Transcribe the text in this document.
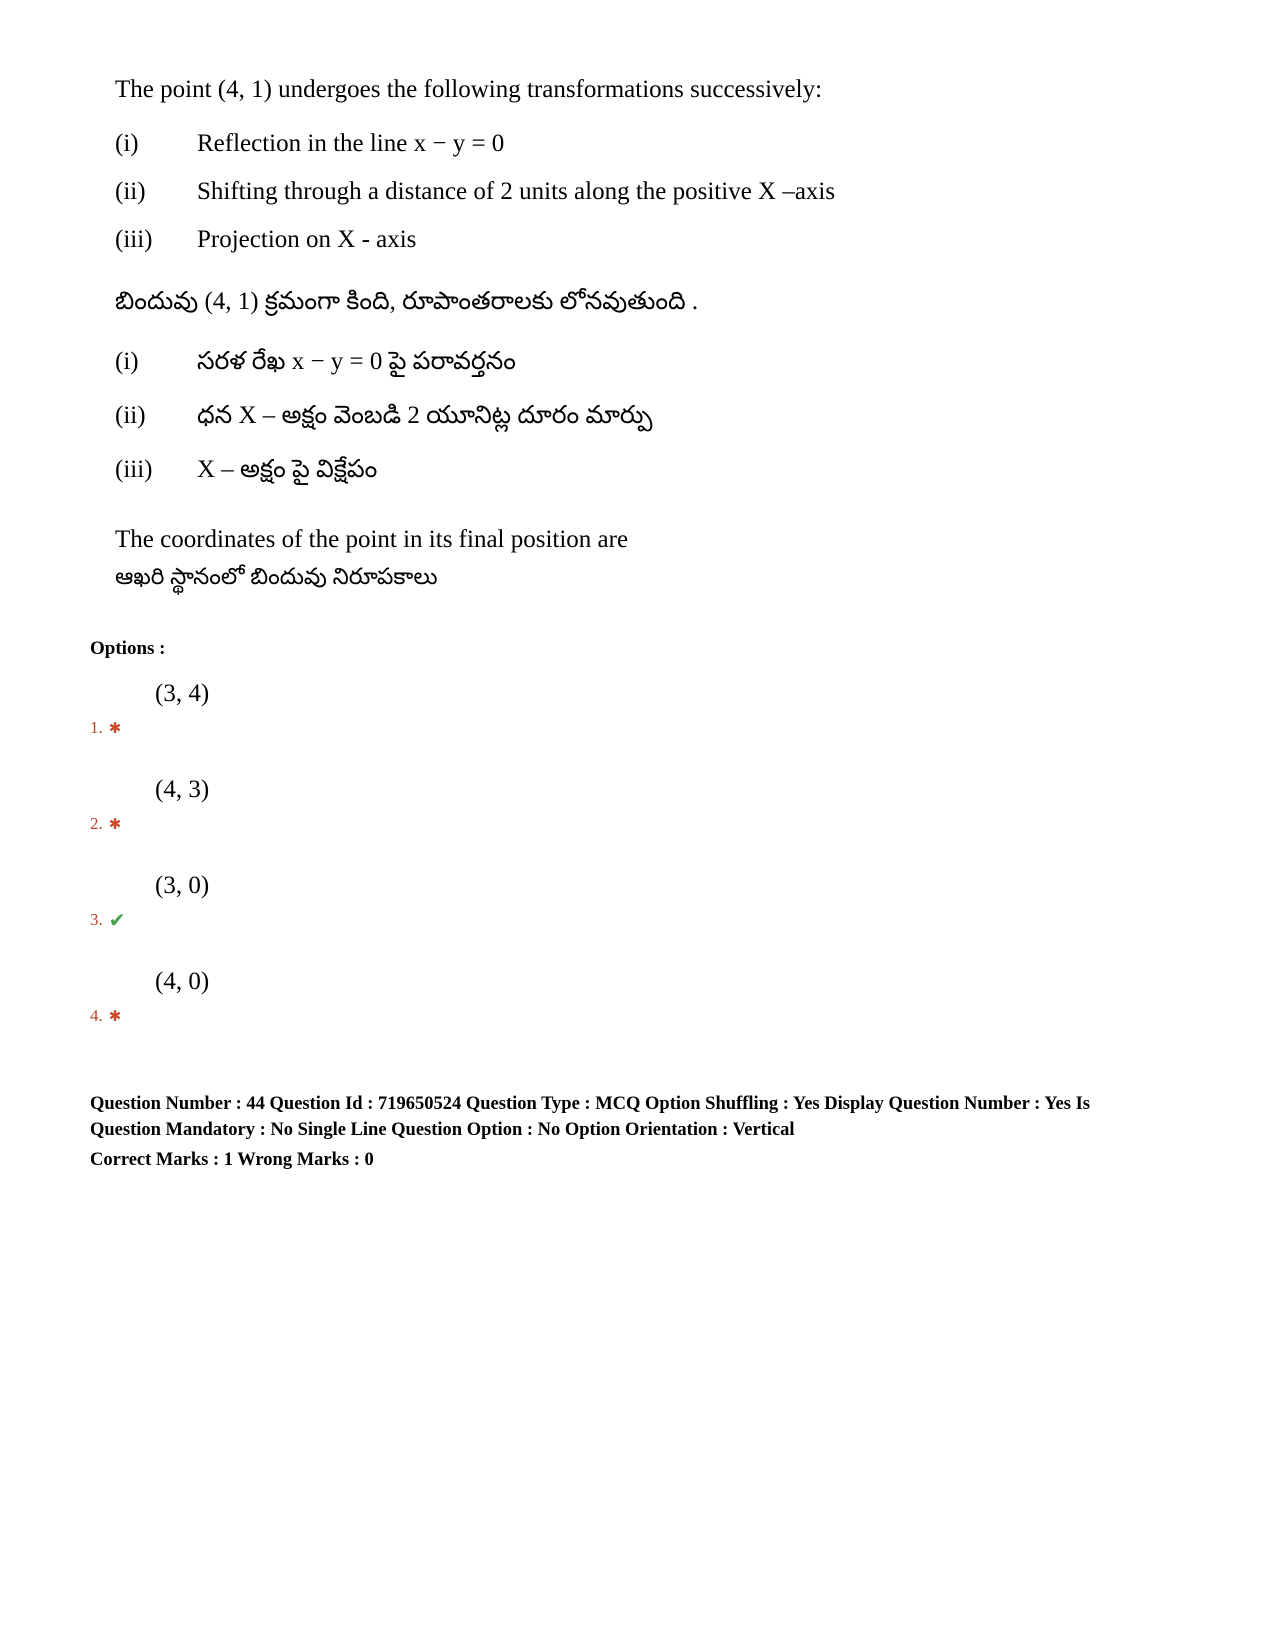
The point (4, 1) undergoes the following transformations successively:

(i)	Reflection in the line x − y = 0
(ii)	Shifting through a distance of 2 units along the positive X –axis
(iii)	Projection on X - axis

బిందువు (4, 1) క్రమంగా కింది, రూపాంతరాలకు లోనవుతుంది .

(i)	సరళ రేఖ x − y = 0 పై పరావర్తనం
(ii)	ధన X – అక్షం వెంబడి 2 యూనిట్ల దూరం మార్పు
(iii)	X – అక్షం పై విక్షేపం

The coordinates of the point in its final position are

ఆఖరి స్థానంలో బిందువు నిరూపకాలు

Options :

(3, 4)
1. ✱
(4, 3)
2. ✱
(3, 0)
3. ✔
(4, 0)
4. ✱

Question Number : 44 Question Id : 719650524 Question Type : MCQ Option Shuffling : Yes Display Question Number : Yes Is Question Mandatory : No Single Line Question Option : No Option Orientation : Vertical

Correct Marks : 1 Wrong Marks : 0
